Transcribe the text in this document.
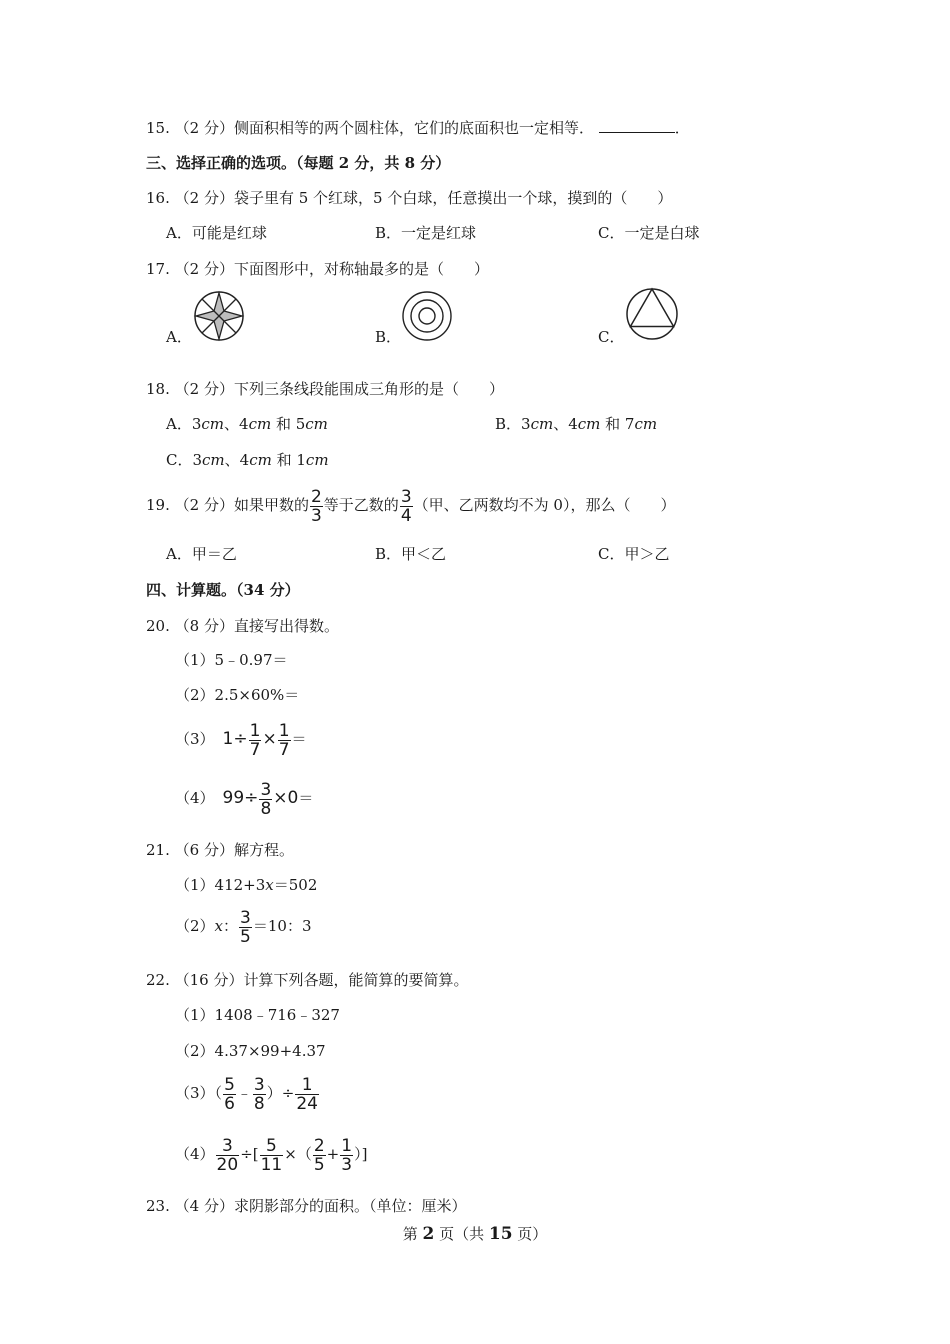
15. （2 分）侧面积相等的两个圆柱体，它们的底面积也一定相等．	．
三、选择正确的选项。（每题 2 分，共 8 分）
16. （2 分）袋子里有 5 个红球，5 个白球，任意摸出一个球，摸到的（　　）
A．可能是红球	B．一定是红球	C．一定是白球
17. （2 分）下面图形中，对称轴最多的是（　　）
A．	B．	C．
18. （2 分）下列三条线段能围成三角形的是（　　）
A．3cm、4cm 和 5cm	B．3cm、4cm 和 7cm
C．3cm、4cm 和 1cm
19. （2 分）如果甲数的 $\frac{2}{3}$ 等于乙数的 $\frac{3}{4}$ （甲、乙两数均不为 0），那么（　　）
A．甲＝乙	B．甲＜乙	C．甲＞乙
四、计算题。（34 分）
20. （8 分）直接写出得数。
（1）5﹣0.97＝
（2）2.5×60%＝
（3） $1\div \frac{1}{7} \times \frac{1}{7}$ ＝
（4） $99\div \frac{3}{8} \times 0=$
21. （6 分）解方程。
（1）412+3x＝502
（2）x： $\frac{3}{5} =10$：3
22. （16 分）计算下列各题，能简算的要简算。
（1）1408﹣716﹣327
（2）4.37×99+4.37
$(3)( \frac{5}{6}$ ﹣ $\frac{3}{8}$ ）÷ $\frac{1}{24}$
$(4) \frac{3}{20}$ ÷[ $\frac{5}{11}$ ×（ $\frac{2}{5} + \frac{1}{3}$ ）]
23. （4 分）求阴影部分的面积。（单位：厘米）
第 2 页（共 15 页）
